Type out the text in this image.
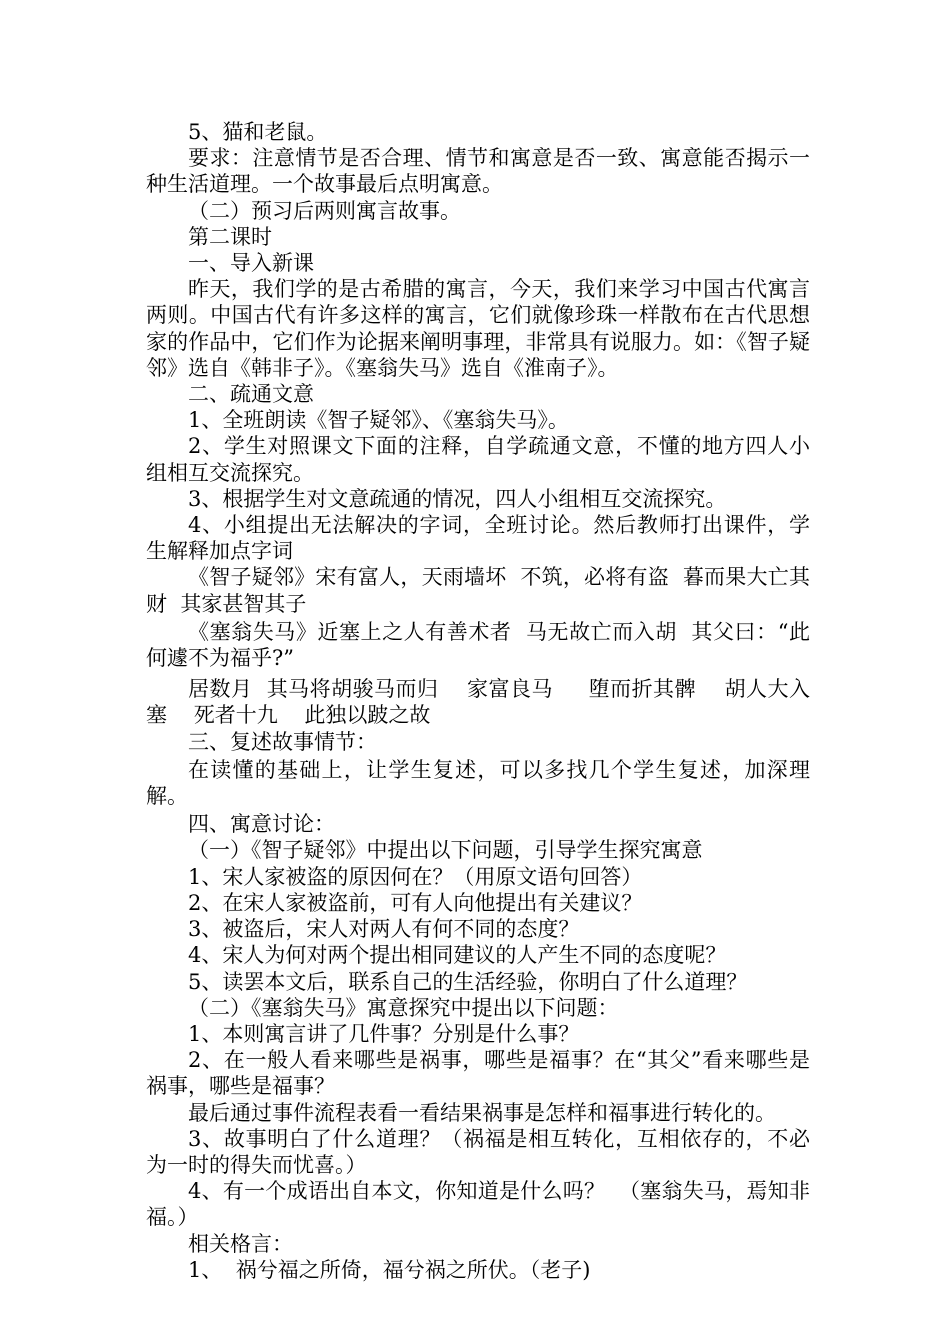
5、猫和老鼠。

要求：注意情节是否合理、情节和寓意是否一致、寓意能否揭示一种生活道理。一个故事最后点明寓意。

（二）预习后两则寓言故事。

第二课时

一、导入新课

昨天，我们学的是古希腊的寓言，今天，我们来学习中国古代寓言两则。中国古代有许多这样的寓言，它们就像珍珠一样散布在古代思想家的作品中，它们作为论据来阐明事理，非常具有说服力。如：《智子疑邻》选自《韩非子》。《塞翁失马》选自《淮南子》。

二、疏通文意

1、全班朗读《智子疑邻》、《塞翁失马》。

2、学生对照课文下面的注释，自学疏通文意，不懂的地方四人小组相互交流探究。

3、根据学生对文意疏通的情况，四人小组相互交流探究。

4、小组提出无法解决的字词，全班讨论。然后教师打出课件，学生解释加点字词

《智子疑邻》宋有富人，天雨墙坏  不筑，必将有盗  暮而果大亡其财  其家甚智其子

《塞翁失马》近塞上之人有善术者  马无故亡而入胡  其父曰：“此何遽不为福乎?”

居数月  其马将胡骏马而归    家富良马     堕而折其髀    胡人大入塞    死者十九    此独以跛之故

三、复述故事情节：

在读懂的基础上，让学生复述，可以多找几个学生复述，加深理解。

四、寓意讨论：

（一）《智子疑邻》中提出以下问题，引导学生探究寓意

1、宋人家被盗的原因何在？（用原文语句回答）

2、在宋人家被盗前，可有人向他提出有关建议？

3、被盗后，宋人对两人有何不同的态度？

4、宋人为何对两个提出相同建议的人产生不同的态度呢？

5、读罢本文后，联系自己的生活经验，你明白了什么道理？

（二）《塞翁失马》寓意探究中提出以下问题：

1、本则寓言讲了几件事？分别是什么事？

2、在一般人看来哪些是祸事，哪些是福事？在“其父”看来哪些是祸事，哪些是福事？

最后通过事件流程表看一看结果祸事是怎样和福事进行转化的。

3、故事明白了什么道理？（祸福是相互转化，互相依存的，不必为一时的得失而忧喜。）

4、有一个成语出自本文，你知道是什么吗？  （塞翁失马，焉知非福。）

相关格言：

1、  祸兮福之所倚，福兮祸之所伏。（老子)
